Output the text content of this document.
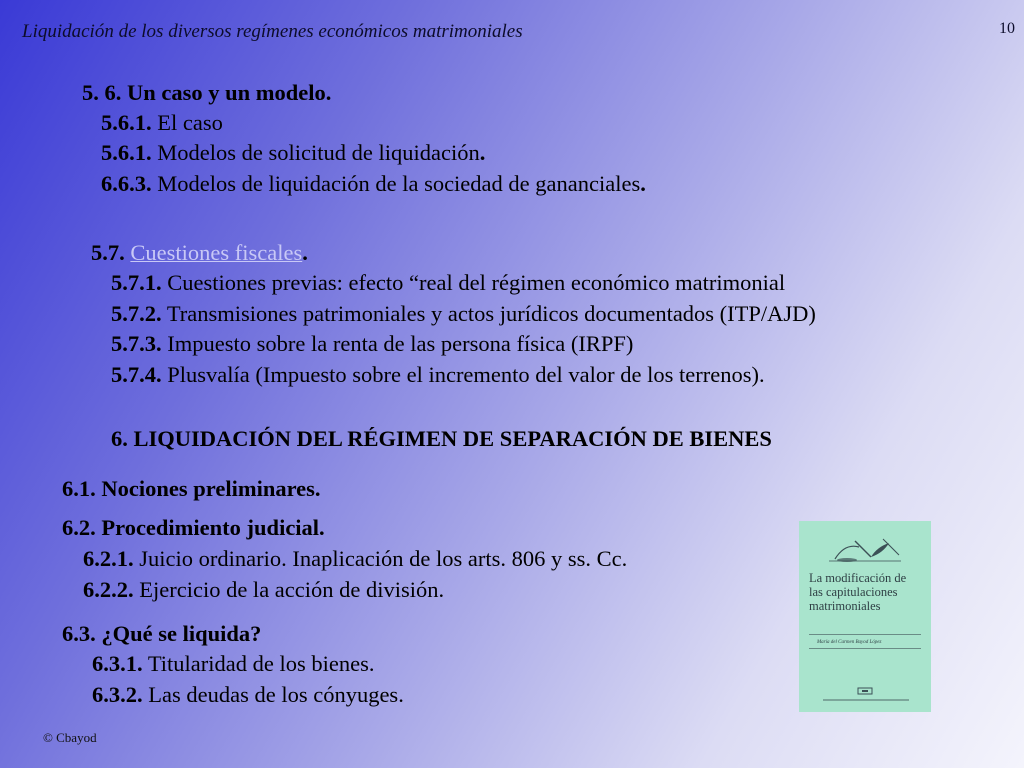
Liquidación de los diversos regímenes económicos matrimoniales	10
5. 6. Un caso y un modelo.
5.6.1. El caso
5.6.1. Modelos de solicitud de liquidación.
6.6.3. Modelos de liquidación de la sociedad de gananciales.
5.7. Cuestiones fiscales.
5.7.1. Cuestiones previas: efecto “real del régimen económico matrimonial
5.7.2. Transmisiones patrimoniales y actos jurídicos documentados (ITP/AJD)
5.7.3. Impuesto sobre la renta de las persona física (IRPF)
5.7.4. Plusvalía (Impuesto sobre el incremento del valor de los terrenos).
6. LIQUIDACIÓN DEL RÉGIMEN DE SEPARACIÓN DE BIENES
6.1. Nociones preliminares.
6.2. Procedimiento judicial.
6.2.1. Juicio ordinario. Inaplicación de los arts. 806 y ss. Cc.
6.2.2. Ejercicio de la acción de división.
6.3. ¿Qué se liquida?
6.3.1. Titularidad de los bienes.
6.3.2. Las deudas de los cónyuges.
La modificación de las capitulaciones matrimoniales
María del Carmen Bayod López
© Cbayod
